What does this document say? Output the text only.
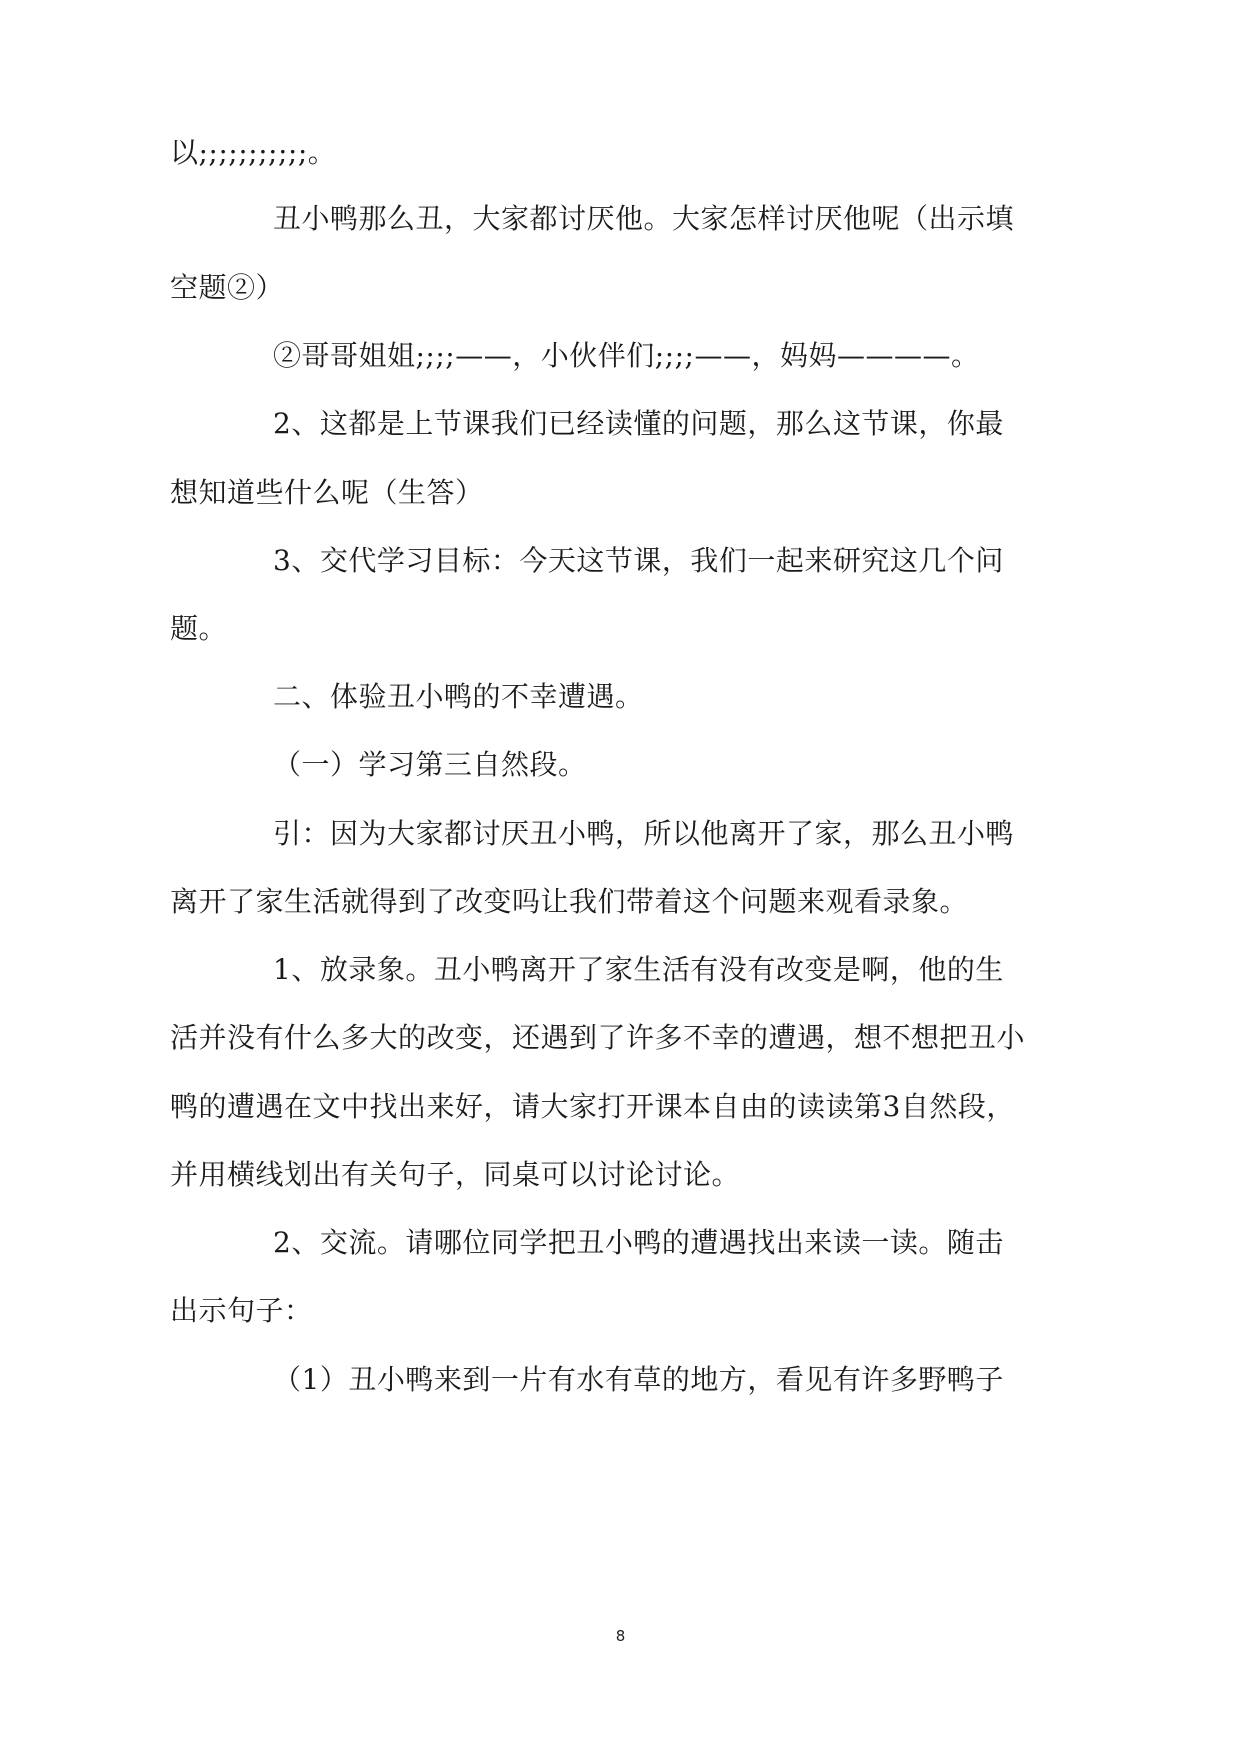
以;;;;;;;;;;;。
丑小鸭那么丑，大家都讨厌他。大家怎样讨厌他呢（出示填
空题②）
②哥哥姐姐;;;;——，小伙伴们;;;;——，妈妈————。
2、这都是上节课我们已经读懂的问题，那么这节课，你最
想知道些什么呢（生答）
3、交代学习目标：今天这节课，我们一起来研究这几个问
题。
二、体验丑小鸭的不幸遭遇。
（一）学习第三自然段。
引：因为大家都讨厌丑小鸭，所以他离开了家，那么丑小鸭
离开了家生活就得到了改变吗让我们带着这个问题来观看录象。
1、放录象。丑小鸭离开了家生活有没有改变是啊，他的生
活并没有什么多大的改变，还遇到了许多不幸的遭遇，想不想把丑小
鸭的遭遇在文中找出来好，请大家打开课本自由的读读第3自然段，
并用横线划出有关句子，同桌可以讨论讨论。
2、交流。请哪位同学把丑小鸭的遭遇找出来读一读。随击
出示句子：
（1）丑小鸭来到一片有水有草的地方，看见有许多野鸭子
8
